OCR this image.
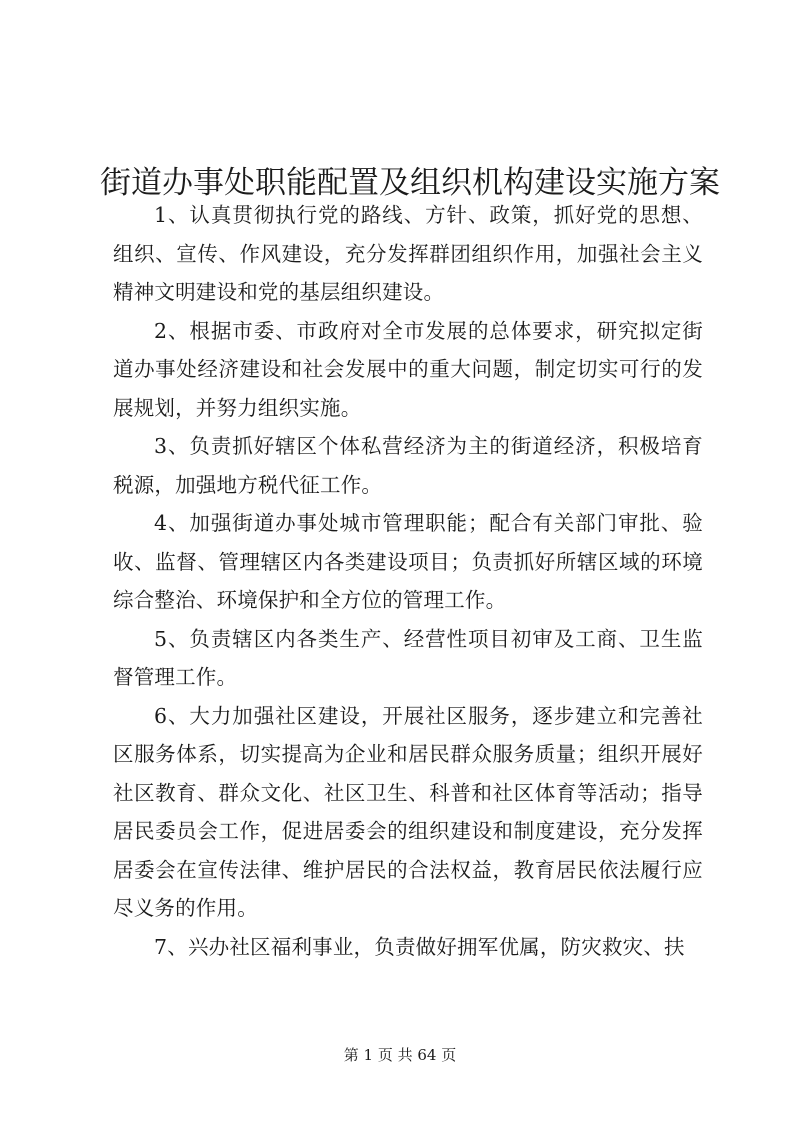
街道办事处职能配置及组织机构建设实施方案

1、认真贯彻执行党的路线、方针、政策，抓好党的思想、组织、宣传、作风建设，充分发挥群团组织作用，加强社会主义精神文明建设和党的基层组织建设。

2、根据市委、市政府对全市发展的总体要求，研究拟定街道办事处经济建设和社会发展中的重大问题，制定切实可行的发展规划，并努力组织实施。

3、负责抓好辖区个体私营经济为主的街道经济，积极培育税源，加强地方税代征工作。

4、加强街道办事处城市管理职能；配合有关部门审批、验收、监督、管理辖区内各类建设项目；负责抓好所辖区域的环境综合整治、环境保护和全方位的管理工作。

5、负责辖区内各类生产、经营性项目初审及工商、卫生监督管理工作。

6、大力加强社区建设，开展社区服务，逐步建立和完善社区服务体系，切实提高为企业和居民群众服务质量；组织开展好社区教育、群众文化、社区卫生、科普和社区体育等活动；指导居民委员会工作，促进居委会的组织建设和制度建设，充分发挥居委会在宣传法律、维护居民的合法权益，教育居民依法履行应尽义务的作用。

7、兴办社区福利事业，负责做好拥军优属，防灾救灾、扶

第 1 页 共 64 页
